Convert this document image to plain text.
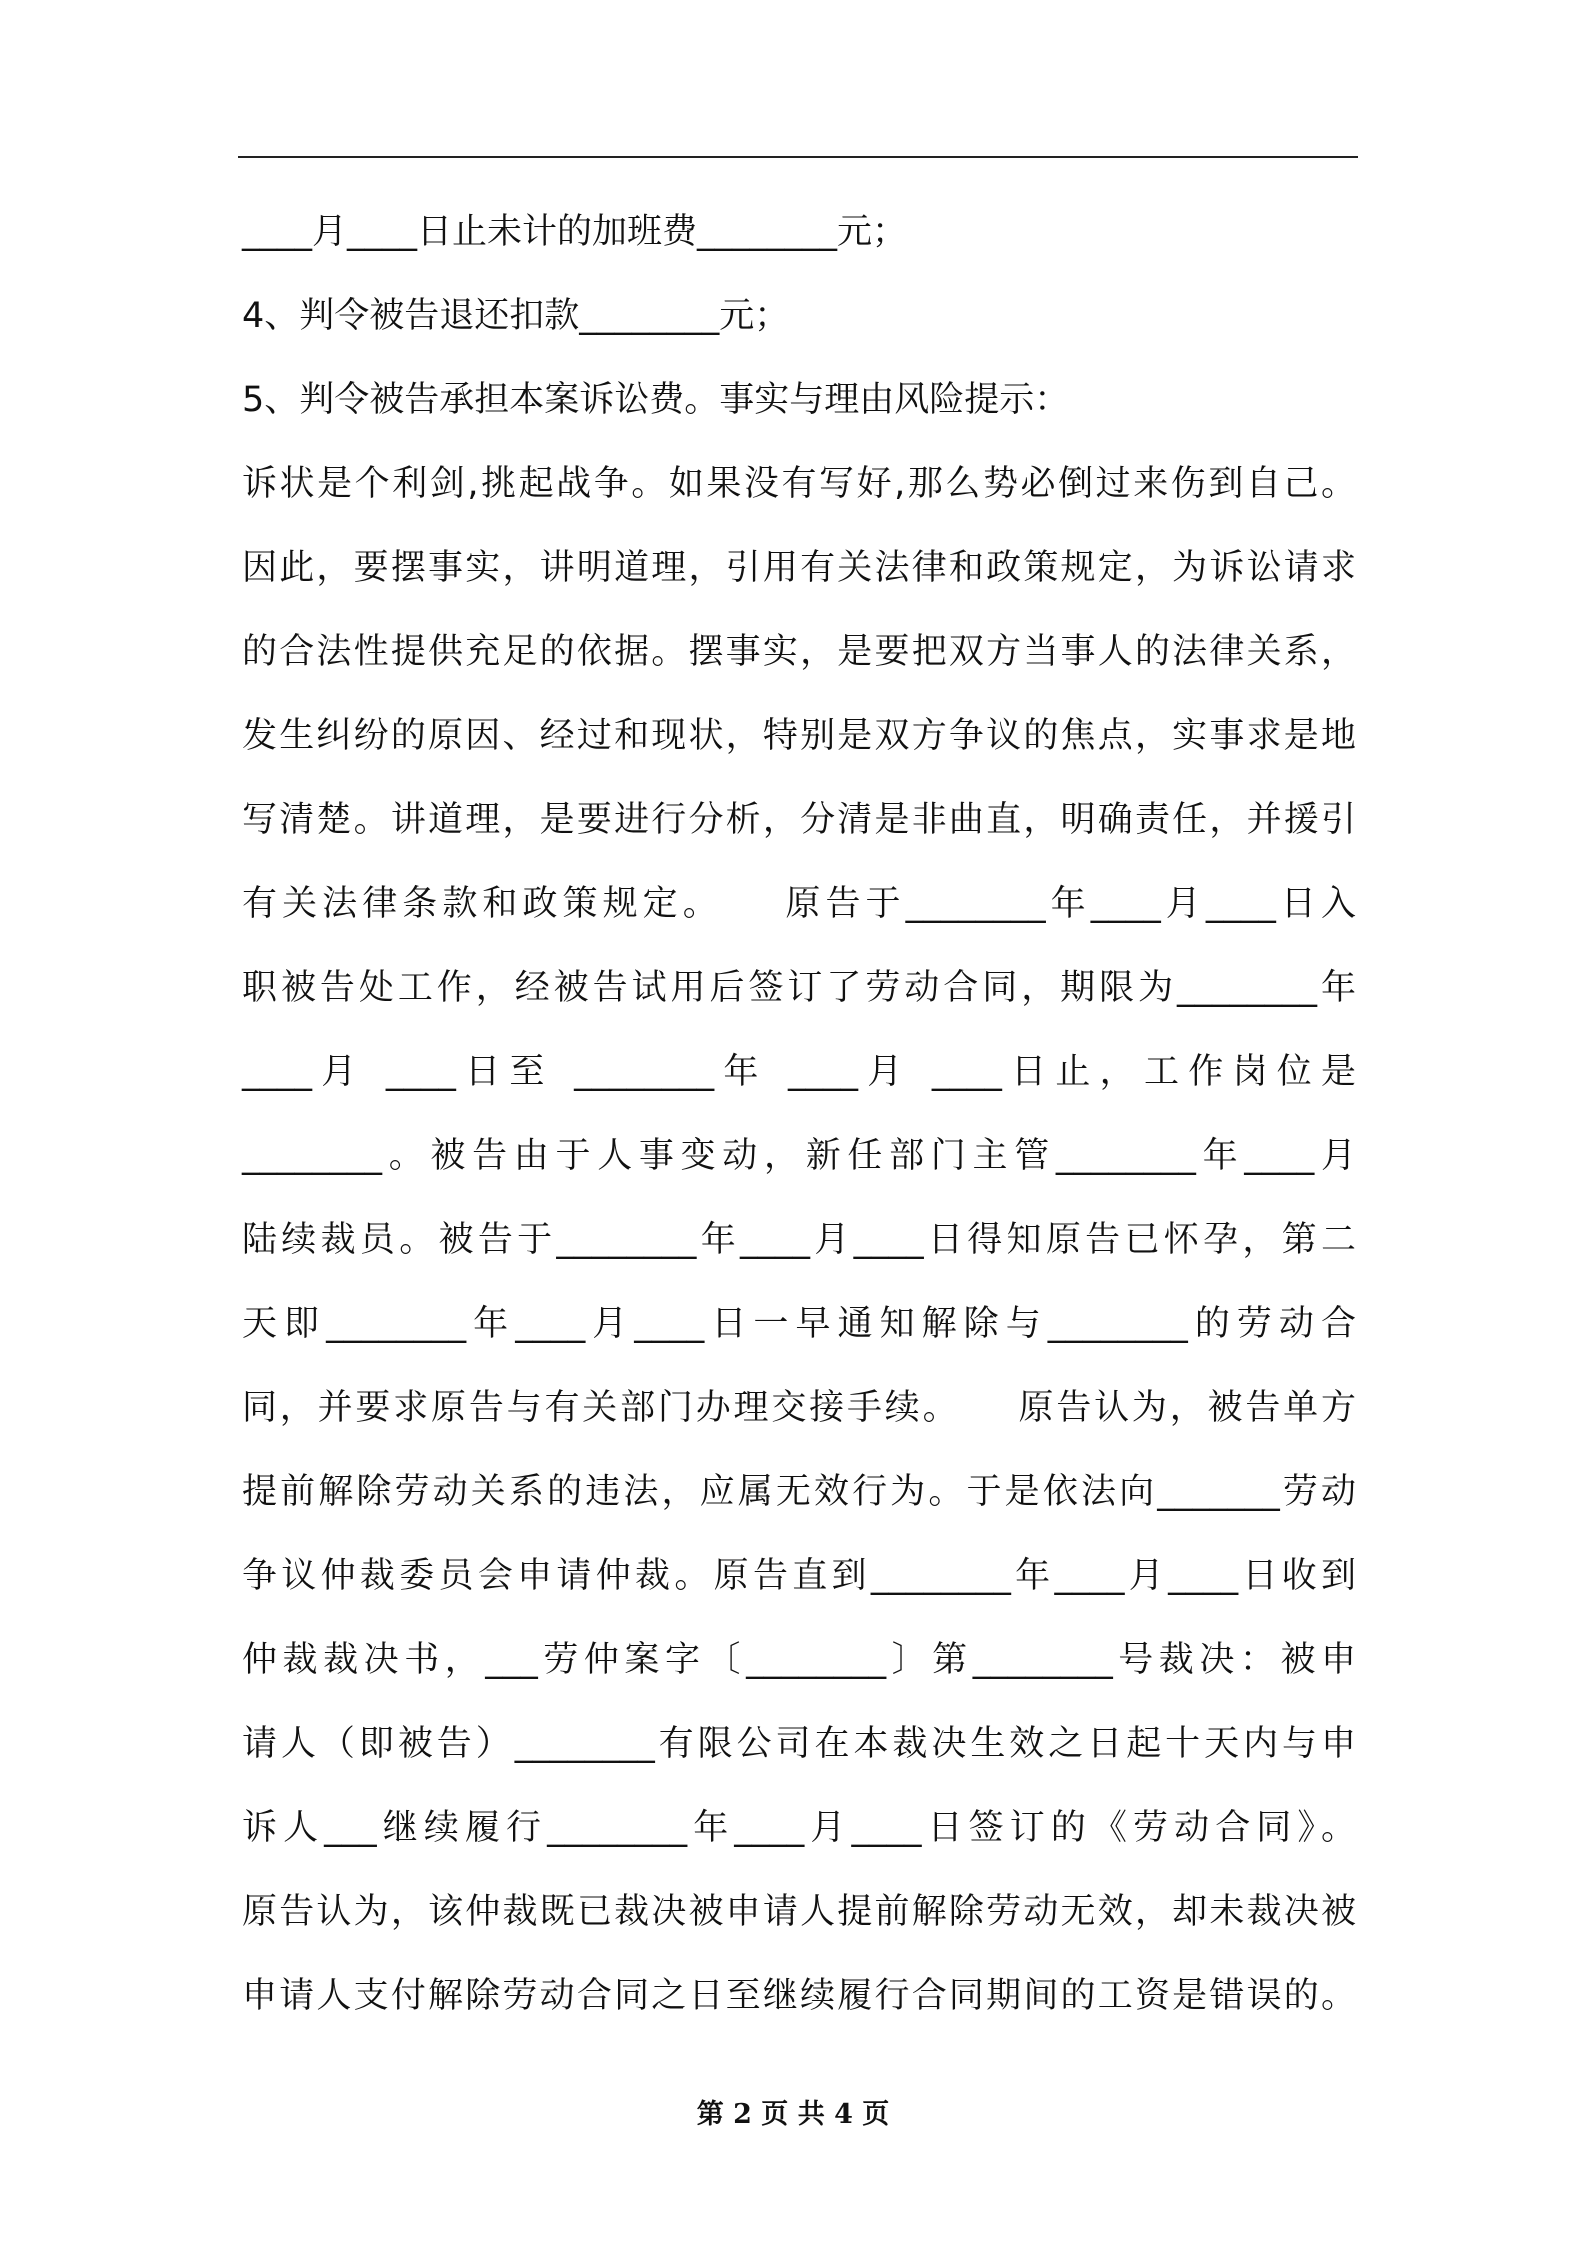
____月____日止未计的加班费________元；
4、判令被告退还扣款________元；
5、判令被告承担本案诉讼费。事实与理由风险提示：
诉状是个利剑,挑起战争。如果没有写好,那么势必倒过来伤到自己。
因此，要摆事实，讲明道理，引用有关法律和政策规定，为诉讼请求
的合法性提供充足的依据。摆事实，是要把双方当事人的法律关系，
发生纠纷的原因、经过和现状，特别是双方争议的焦点，实事求是地
写清楚。讲道理，是要进行分析，分清是非曲直，明确责任，并援引
有关法律条款和政策规定。　　原告于________年____月____日入
职被告处工作，经被告试用后签订了劳动合同，期限为________年
____月 ____日至 ________年 ____月 ____日止，工作岗位是
________。被告由于人事变动，新任部门主管________年____月
陆续裁员。被告于________年____月____日得知原告已怀孕，第二
天即________年____月____日一早通知解除与________的劳动合
同，并要求原告与有关部门办理交接手续。　　原告认为，被告单方
提前解除劳动关系的违法，应属无效行为。于是依法向_______劳动
争议仲裁委员会申请仲裁。原告直到________年____月____日收到
仲裁裁决书，___劳仲案字〔________〕第________号裁决：被申
请人（即被告）________有限公司在本裁决生效之日起十天内与申
诉人___继续履行________年____月____日签订的《劳动合同》。
原告认为，该仲裁既已裁决被申请人提前解除劳动无效，却未裁决被
申请人支付解除劳动合同之日至继续履行合同期间的工资是错误的。
第 2 页 共 4 页
